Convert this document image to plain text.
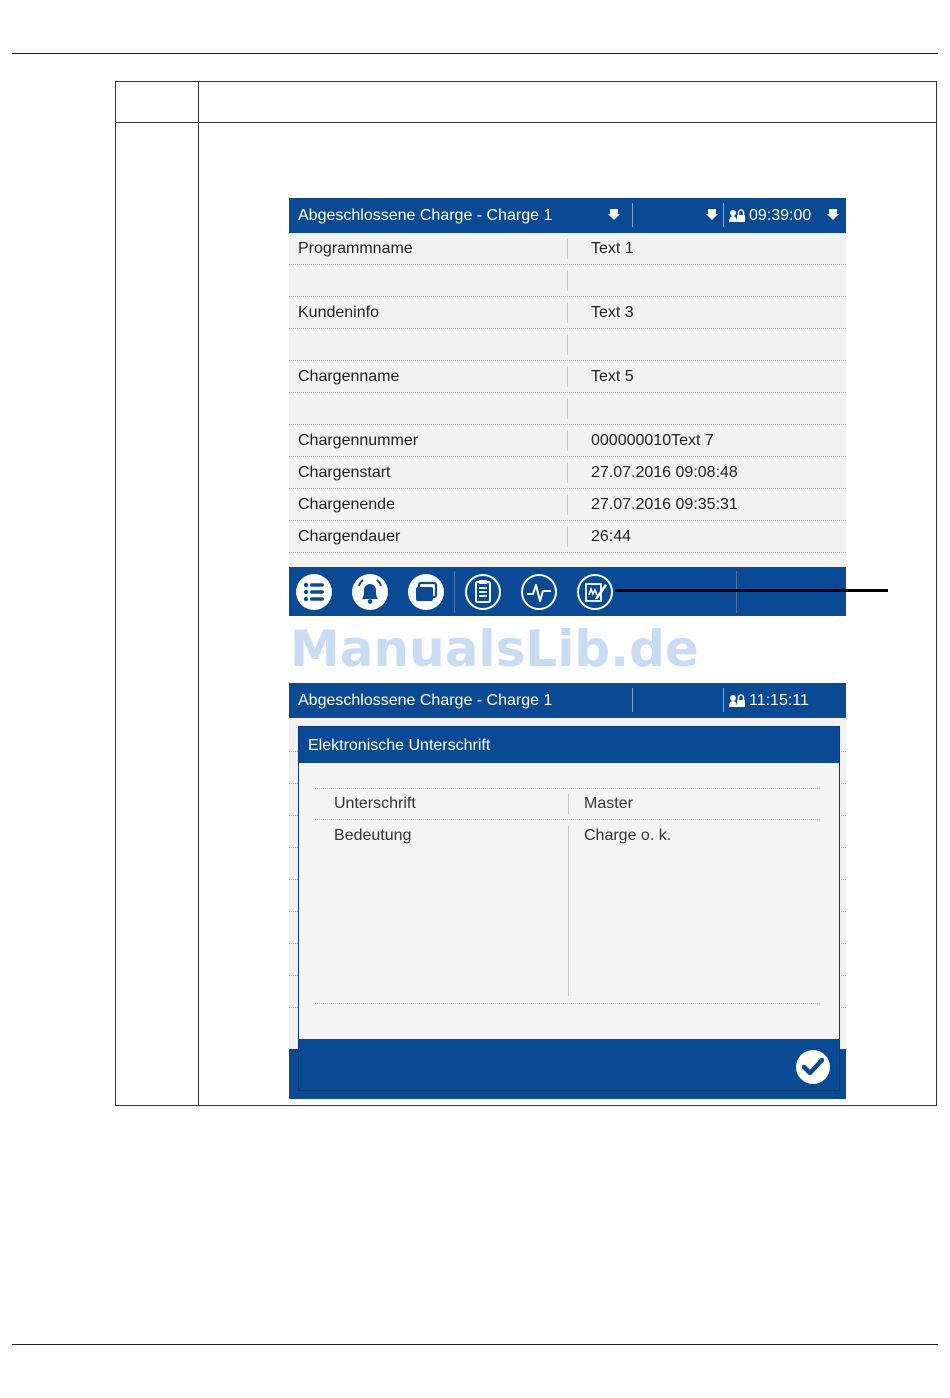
Abgeschlossene Charge - Charge 1	09:39:00
Programmname	Text 1
Kundeninfo	Text 3
Chargenname	Text 5
Chargennummer	000000010Text 7
Chargenstart	27.07.2016 09:08:48
Chargenende	27.07.2016 09:35:31
Chargendauer	26:44
ManualsLib.de
Abgeschlossene Charge - Charge 1	11:15:11
Elektronische Unterschrift
Unterschrift	Master
Bedeutung	Charge o. k.
